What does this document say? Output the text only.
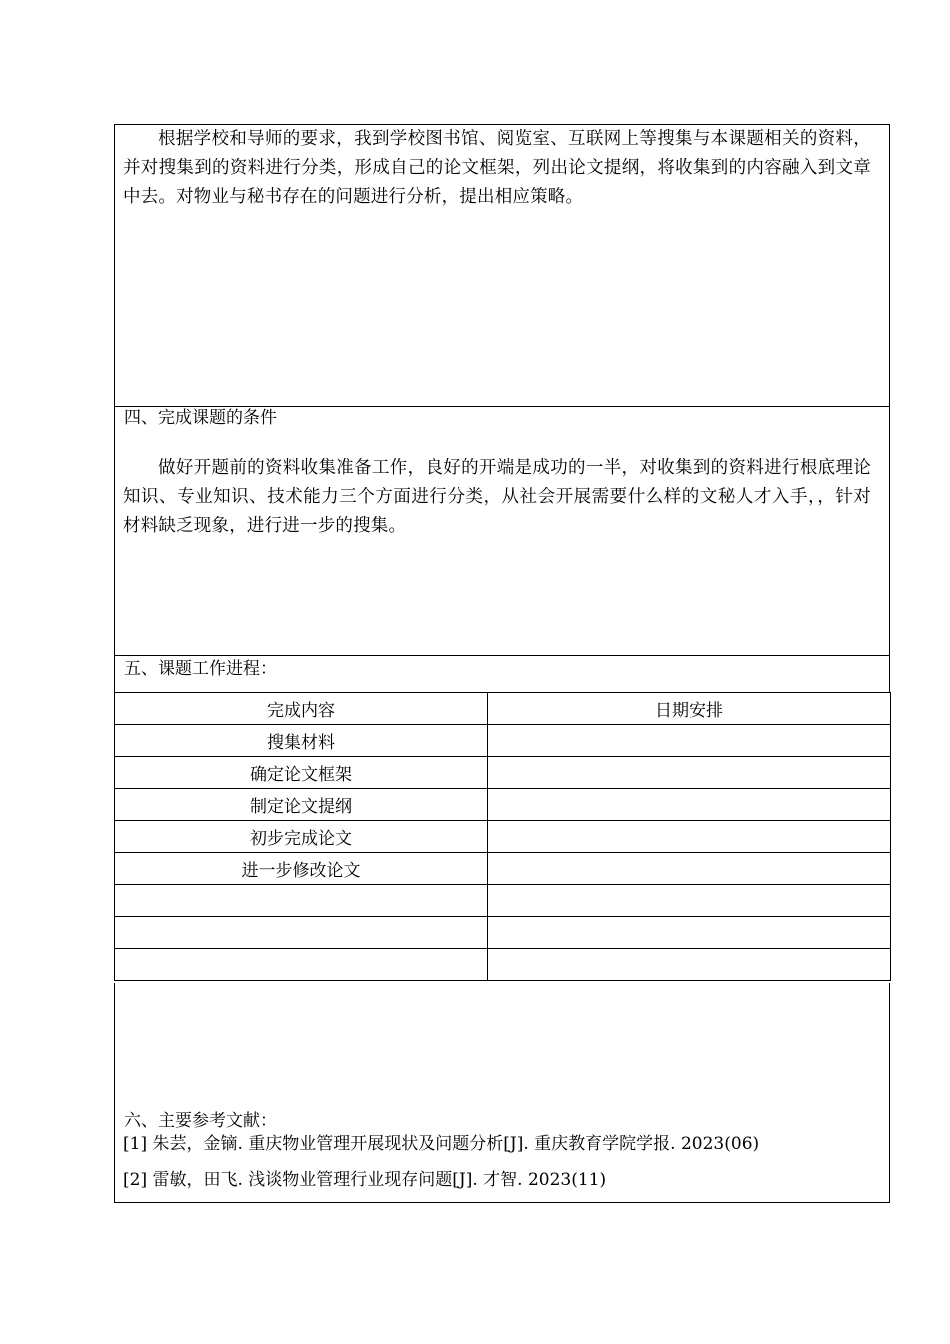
根据学校和导师的要求，我到学校图书馆、阅览室、互联网上等搜集与本课题相关的资料，并对搜集到的资料进行分类，形成自己的论文框架，列出论文提纲，将收集到的内容融入到文章中去。对物业与秘书存在的问题进行分析，提出相应策略。

四、完成课题的条件

做好开题前的资料收集准备工作，良好的开端是成功的一半，对收集到的资料进行根底理论知识、专业知识、技术能力三个方面进行分类，从社会开展需要什么样的文秘人才入手，，针对材料缺乏现象，进行进一步的搜集。

五、课题工作进程：

完成内容	日期安排
搜集材料	
确定论文框架	
制定论文提纲	
初步完成论文	
进一步修改论文	

六、主要参考文献：

[1] 朱芸，金镝. 重庆物业管理开展现状及问题分析[J]. 重庆教育学院学报. 2023(06)

[2] 雷敏，田飞. 浅谈物业管理行业现存问题[J]. 才智. 2023(11)
